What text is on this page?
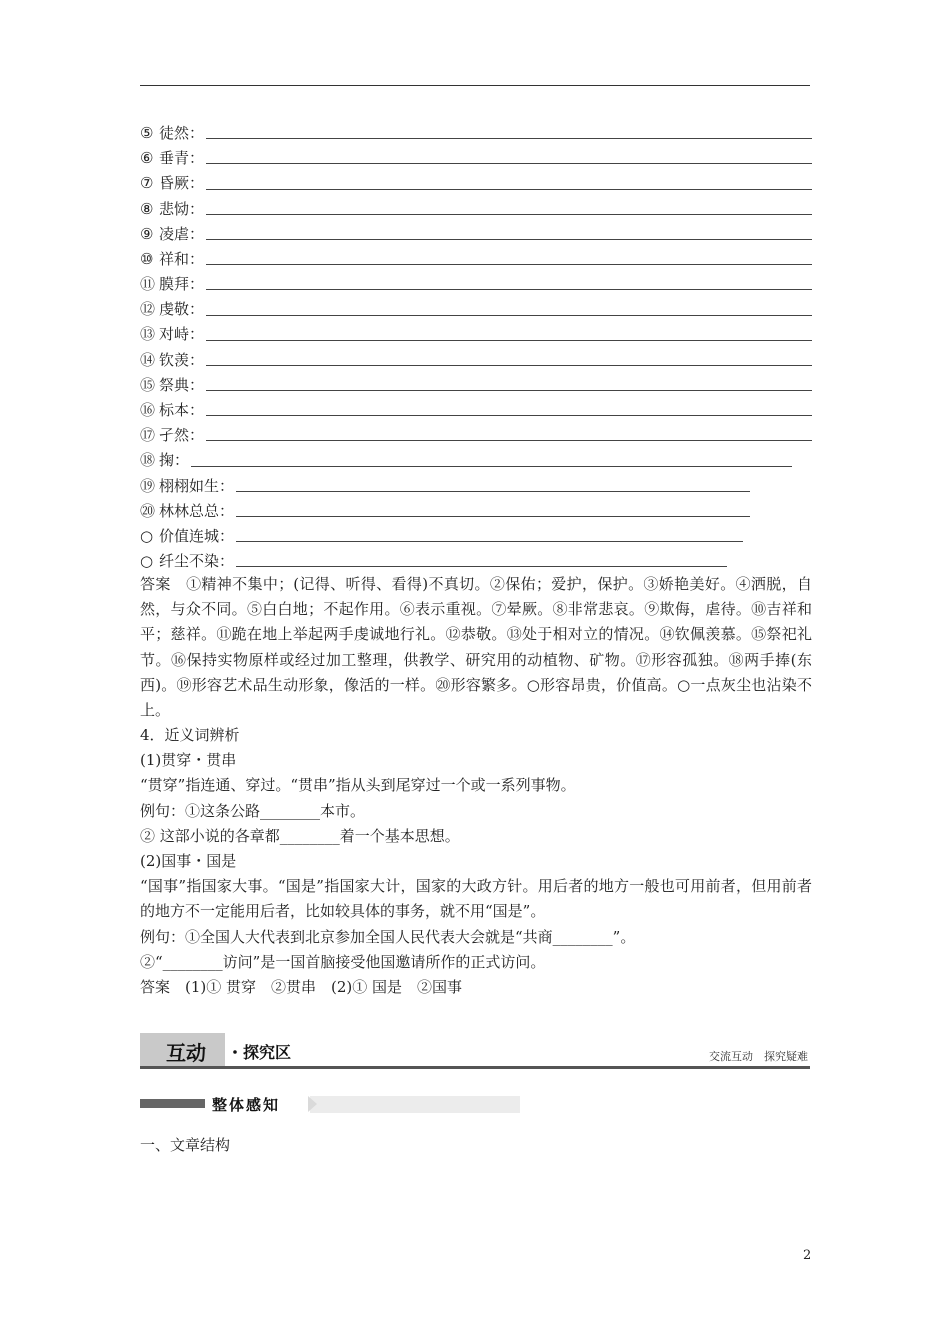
⑤ 徒然：
⑥ 垂青：
⑦ 昏厥：
⑧ 悲恸：
⑨ 凌虐：
⑩ 祥和：
⑪ 膜拜：
⑫ 虔敬：
⑬ 对峙：
⑭ 钦羡：
⑮ 祭典：
⑯ 标本：
⑰ 孑然：
⑱ 掬：
⑲ 栩栩如生：
⑳ 林林总总：
○ 价值连城：
○ 纤尘不染：
答案　①精神不集中；(记得、听得、看得)不真切。②保佑；爱护，保护。③娇艳美好。④洒脱，自然，与众不同。⑤白白地；不起作用。⑥表示重视。⑦晕厥。⑧非常悲哀。⑨欺侮，虐待。⑩吉祥和平；慈祥。⑪跪在地上举起两手虔诚地行礼。⑫恭敬。⑬处于相对立的情况。⑭钦佩羡慕。⑮祭祀礼节。⑯保持实物原样或经过加工整理，供教学、研究用的动植物、矿物。⑰形容孤独。⑱两手捧(东西)。⑲形容艺术品生动形象，像活的一样。⑳形容繁多。○形容昂贵，价值高。○一点灰尘也沾染不上。
4．近义词辨析
(1)贯穿・贯串
“贯穿”指连通、穿过。“贯串”指从头到尾穿过一个或一系列事物。
例句：①这条公路________本市。
② 这部小说的各章都________着一个基本思想。
(2)国事・国是
“国事”指国家大事。“国是”指国家大计，国家的大政方针。用后者的地方一般也可用前者，但用前者的地方不一定能用后者，比如较具体的事务，就不用“国是”。
例句：①全国人大代表到北京参加全国人民代表大会就是“共商________”。
②“________访问”是一国首脑接受他国邀请所作的正式访问。
答案　(1)① 贯穿　②贯串　(2)① 国是　②国事
互动 ・探究区	交流互动　探究疑难
整体感知
一、文章结构
2
